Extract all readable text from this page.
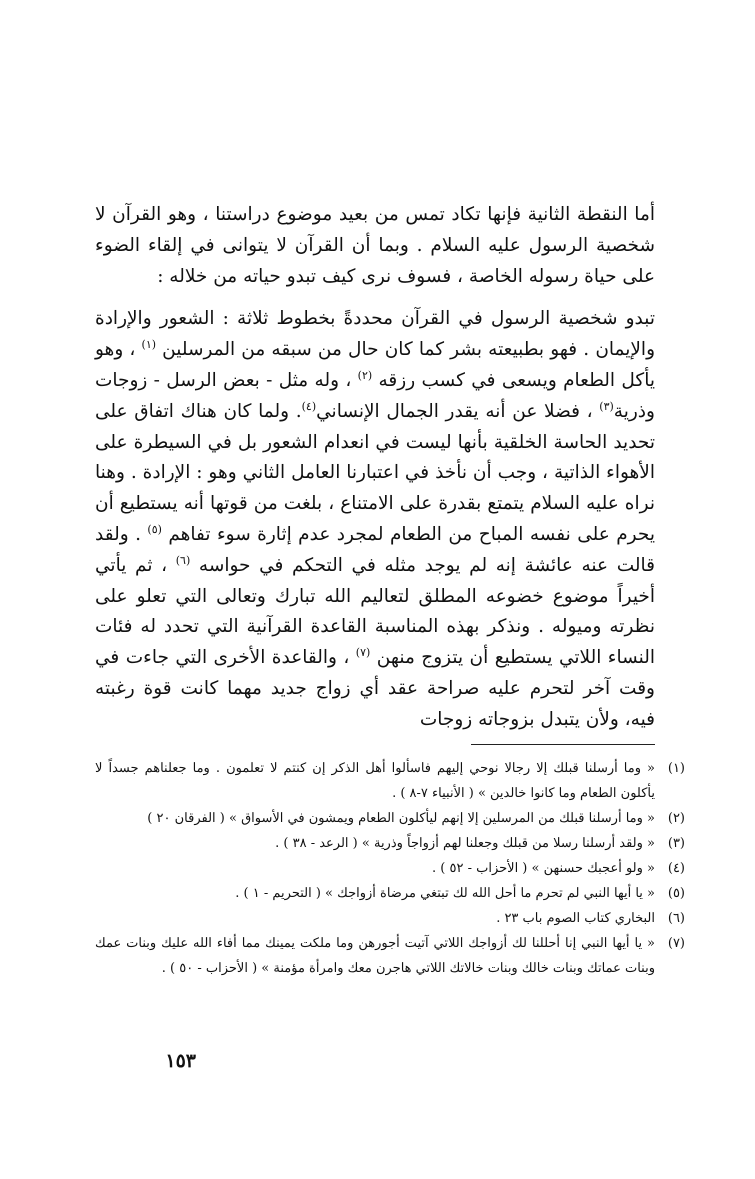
أما النقطة الثانية فإنها تكاد تمس من بعيد موضوع دراستنا ، وهو القرآن لا شخصية الرسول عليه السلام . وبما أن القرآن لا يتوانى في إلقاء الضوء على حياة رسوله الخاصة ، فسوف نرى كيف تبدو حياته من خلاله :

تبدو شخصية الرسول في القرآن محددةً بخطوط ثلاثة : الشعور والإرادة والإيمان . فهو بطبيعته بشر كما كان حال من سبقه من المرسلين $^{(١)}$ ، وهو يأكل الطعام ويسعى في كسب رزقه $^{(٢)}$ ، وله مثل - بعض الرسل - زوجات وذرية$^{(٣)}$ ، فضلا عن أنه يقدر الجمال الإنساني$^{(٤)}$. ولما كان هناك اتفاق على تحديد الحاسة الخلقية بأنها ليست في انعدام الشعور بل في السيطرة على الأهواء الذاتية ، وجب أن نأخذ في اعتبارنا العامل الثاني وهو : الإرادة . وهنا نراه عليه السلام يتمتع بقدرة على الامتناع ، بلغت من قوتها أنه يستطيع أن يحرم على نفسه المباح من الطعام لمجرد عدم إثارة سوء تفاهم $^{(٥)}$ . ولقد قالت عنه عائشة إنه لم يوجد مثله في التحكم في حواسه $^{(٦)}$ ، ثم يأتي أخيراً موضوع خضوعه المطلق لتعاليم الله تبارك وتعالى التي تعلو على نظرته وميوله . ونذكر بهذه المناسبة القاعدة القرآنية التي تحدد له فئات النساء اللاتي يستطيع أن يتزوج منهن $^{(٧)}$ ، والقاعدة الأخرى التي جاءت في وقت آخر لتحرم عليه صراحة عقد أي زواج جديد مهما كانت قوة رغبته فيه، ولأن يتبدل بزوجاته زوجات

(١)
« وما أرسلنا قبلك إلا رجالا نوحي إليهم فاسألوا أهل الذكر إن كنتم لا تعلمون . وما جعلناهم جسداً لا يأكلون الطعام وما كانوا خالدين » ( الأنبياء ٧-٨ ) .
(٢)
« وما أرسلنا قبلك من المرسلين إلا إنهم ليأكلون الطعام ويمشون في الأسواق » ( الفرقان ٢٠ )
(٣)
« ولقد أرسلنا رسلا من قبلك وجعلنا لهم أزواجاً وذرية » ( الرعد - ٣٨ ) .
(٤)
« ولو أعجبك حسنهن » ( الأحزاب - ٥٢ ) .
(٥)
« يا أيها النبي لم تحرم ما أحل الله لك تبتغي مرضاة أزواجك » ( التحريم - ١ ) .
(٦)
البخاري كتاب الصوم باب ٢٣ .
(٧)
« يا أيها النبي إنا أحللنا لك أزواجك اللاتي آتيت أجورهن وما ملكت يمينك مما أفاء الله عليك وبنات عمك وبنات عماتك وبنات خالك وبنات خالاتك اللاتي هاجرن معك وامرأة مؤمنة » ( الأحزاب - ٥٠ ) .
١٥٣
